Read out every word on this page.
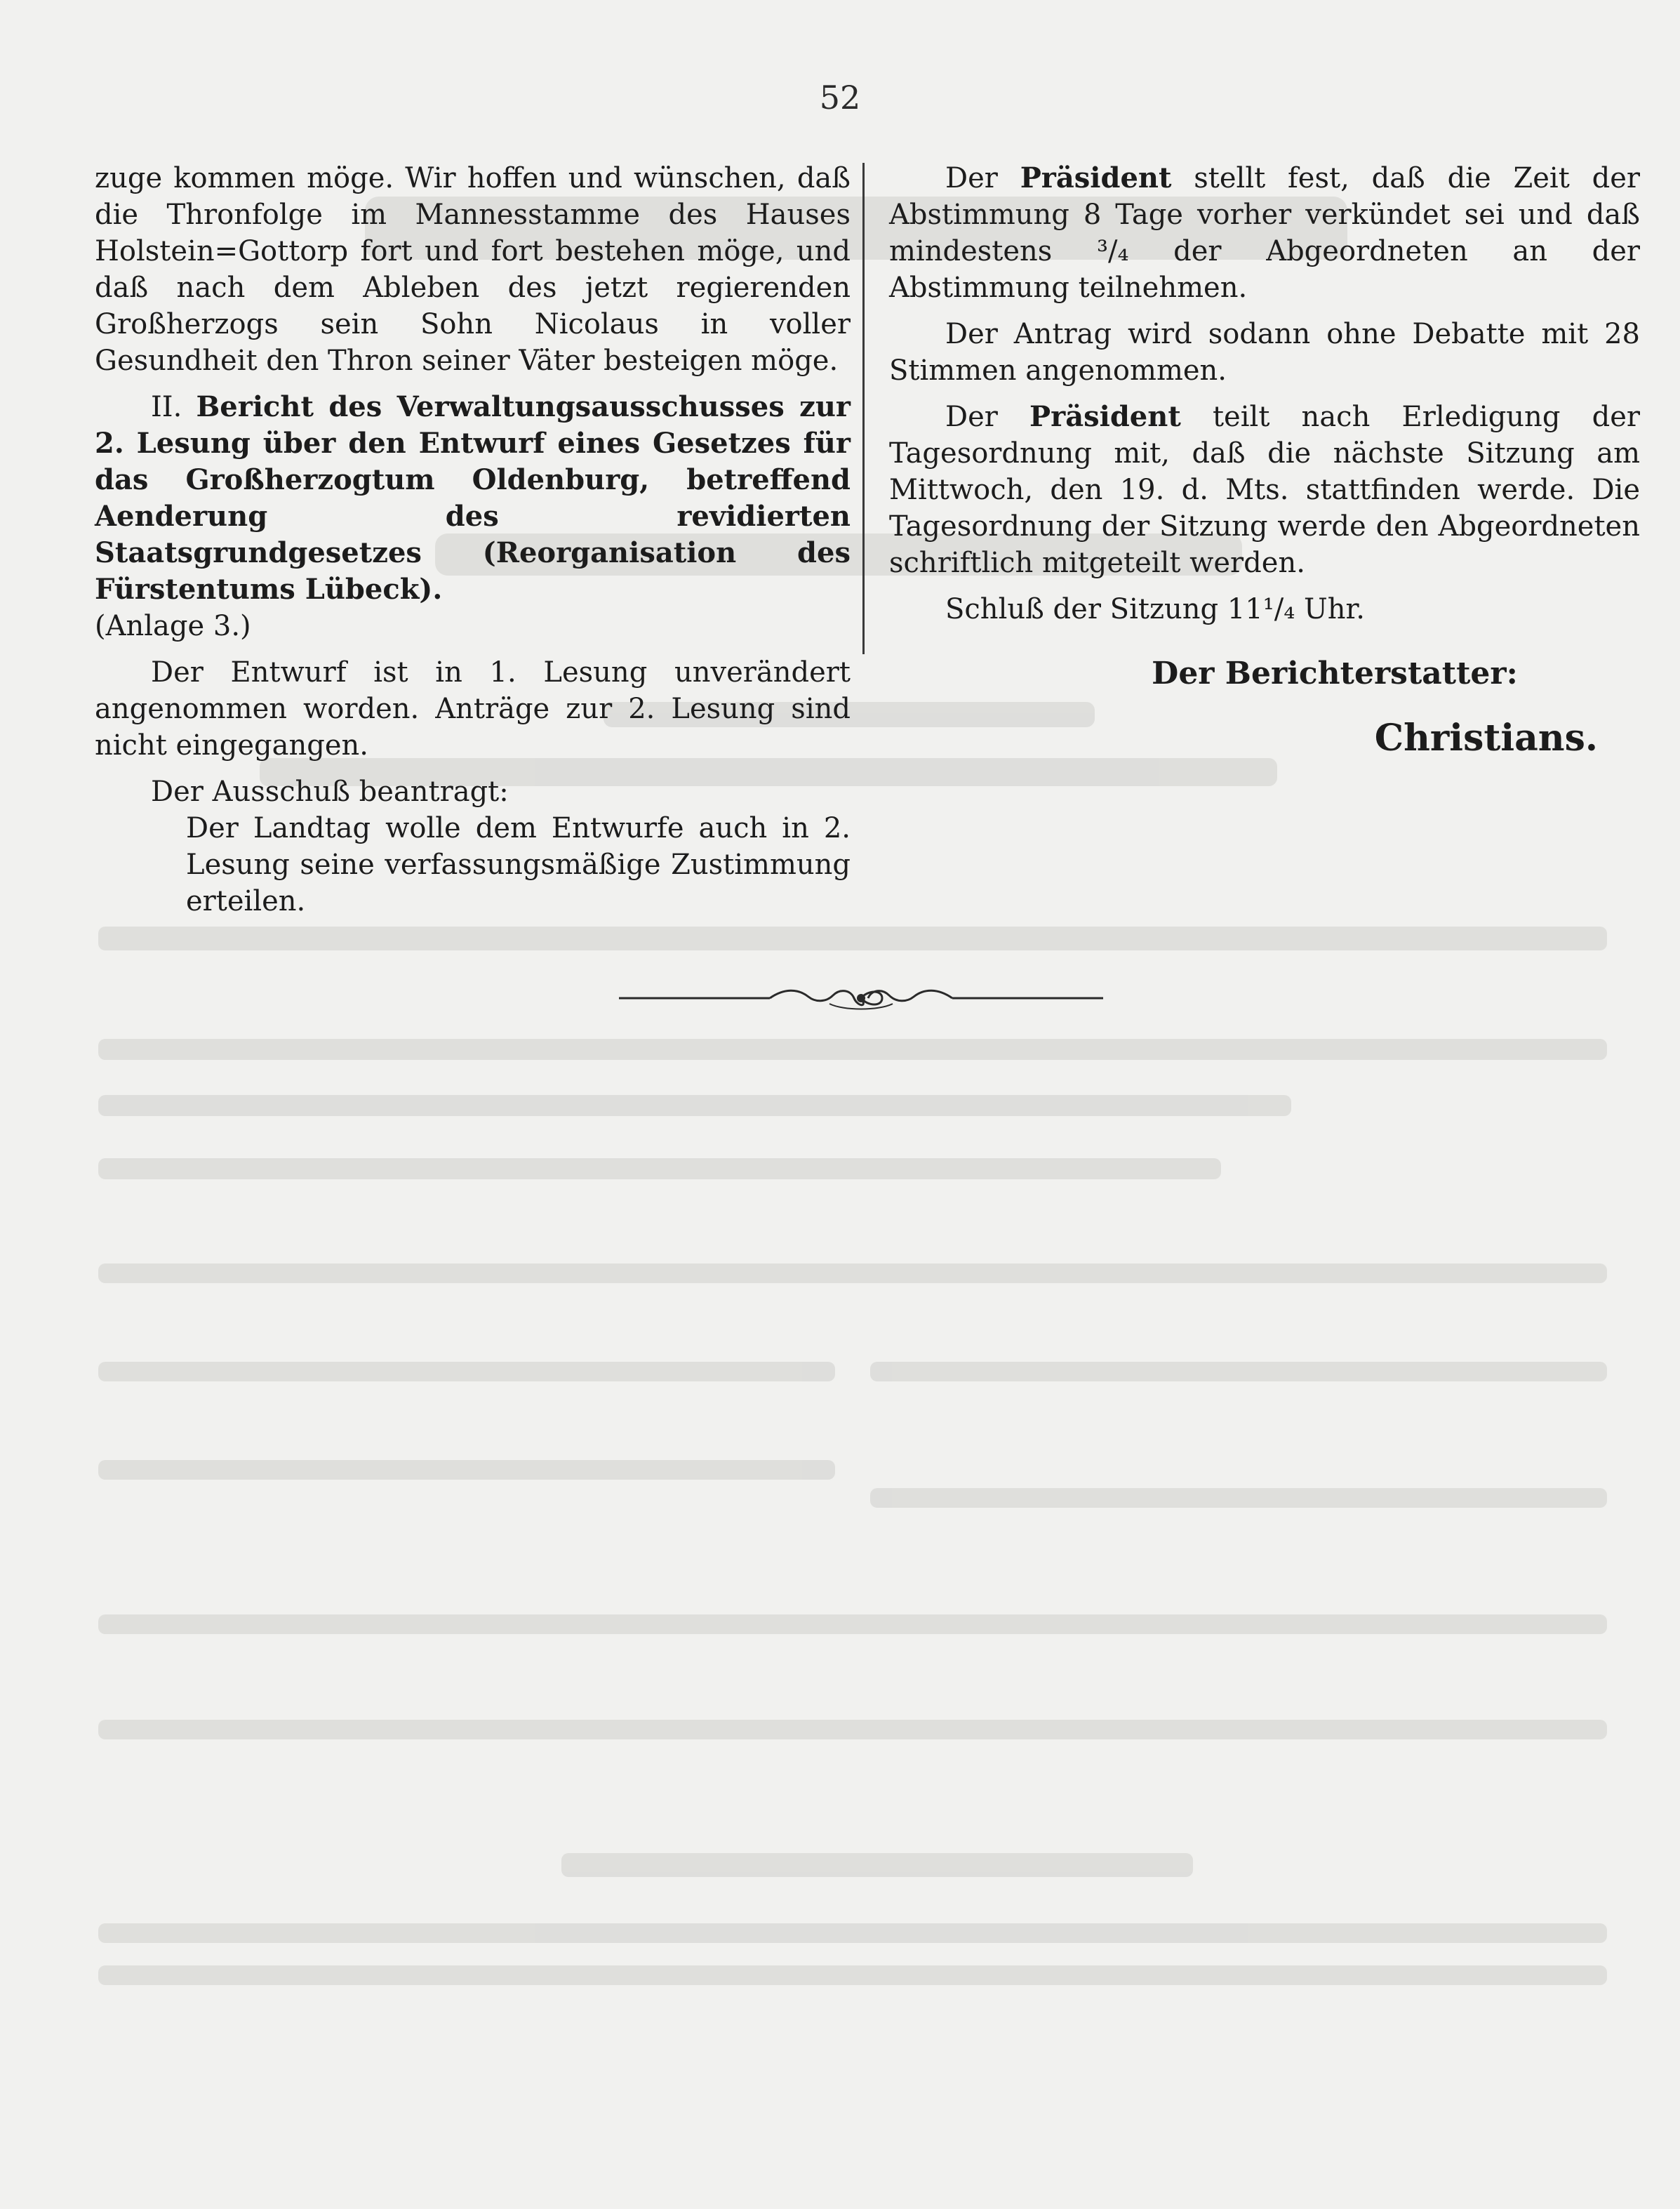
52

zuge kommen möge. Wir hoffen und wünschen, daß die Thronfolge im Mannesstamme des Hauses Holstein=Gottorp fort und fort bestehen möge, und daß nach dem Ableben des jetzt regierenden Großherzogs sein Sohn Nicolaus in voller Gesundheit den Thron seiner Väter besteigen möge.

II. Bericht des Verwaltungsausschusses zur 2. Lesung über den Entwurf eines Gesetzes für das Großherzogtum Oldenburg, betreffend Aenderung des revidierten Staatsgrundgesetzes (Reorganisation des Fürstentums Lübeck).

(Anlage 3.)

Der Entwurf ist in 1. Lesung unverändert angenommen worden. Anträge zur 2. Lesung sind nicht eingegangen.

Der Ausschuß beantragt:

Der Landtag wolle dem Entwurfe auch in 2. Lesung seine verfassungsmäßige Zustimmung erteilen.

Der Präsident stellt fest, daß die Zeit der Abstimmung 8 Tage vorher verkündet sei und daß mindestens ³/₄ der Abgeordneten an der Abstimmung teilnehmen.

Der Antrag wird sodann ohne Debatte mit 28 Stimmen angenommen.

Der Präsident teilt nach Erledigung der Tagesordnung mit, daß die nächste Sitzung am Mittwoch, den 19. d. Mts. stattfinden werde. Die Tagesordnung der Sitzung werde den Abgeordneten schriftlich mitgeteilt werden.

Schluß der Sitzung 11¹/₄ Uhr.

Der Berichterstatter:

Christians.
